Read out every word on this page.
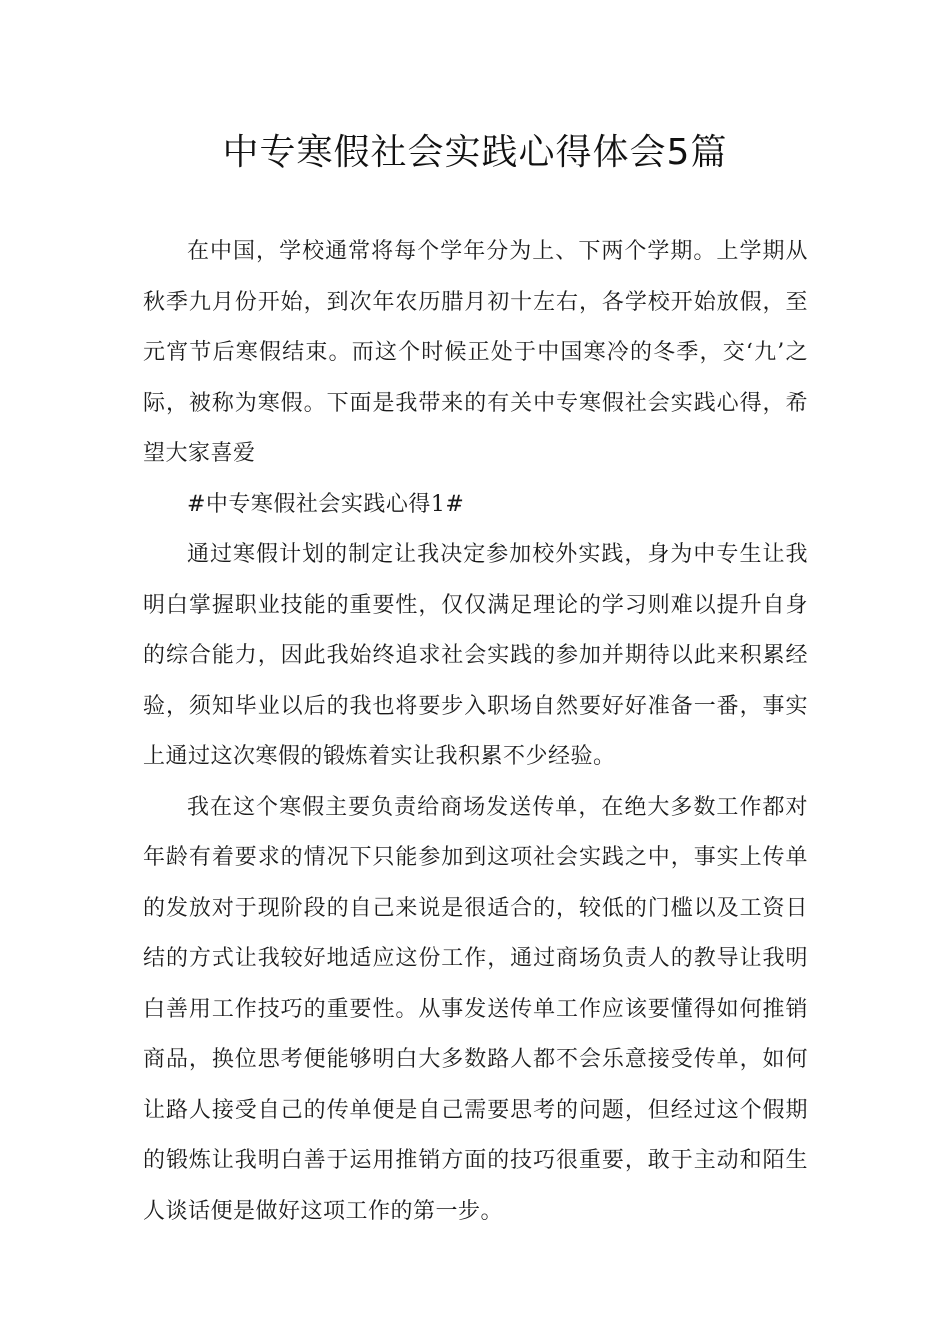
中专寒假社会实践心得体会5篇

在中国，学校通常将每个学年分为上、下两个学期。上学期从秋季九月份开始，到次年农历腊月初十左右，各学校开始放假，至元宵节后寒假结束。而这个时候正处于中国寒冷的冬季，交‘九’之际，被称为寒假。下面是我带来的有关中专寒假社会实践心得，希望大家喜爱

#中专寒假社会实践心得1#

通过寒假计划的制定让我决定参加校外实践，身为中专生让我明白掌握职业技能的重要性，仅仅满足理论的学习则难以提升自身的综合能力，因此我始终追求社会实践的参加并期待以此来积累经验，须知毕业以后的我也将要步入职场自然要好好准备一番，事实上通过这次寒假的锻炼着实让我积累不少经验。

我在这个寒假主要负责给商场发送传单，在绝大多数工作都对年龄有着要求的情况下只能参加到这项社会实践之中，事实上传单的发放对于现阶段的自己来说是很适合的，较低的门槛以及工资日结的方式让我较好地适应这份工作，通过商场负责人的教导让我明白善用工作技巧的重要性。从事发送传单工作应该要懂得如何推销商品，换位思考便能够明白大多数路人都不会乐意接受传单，如何让路人接受自己的传单便是自己需要思考的问题，但经过这个假期的锻炼让我明白善于运用推销方面的技巧很重要，敢于主动和陌生人谈话便是做好这项工作的第一步。
